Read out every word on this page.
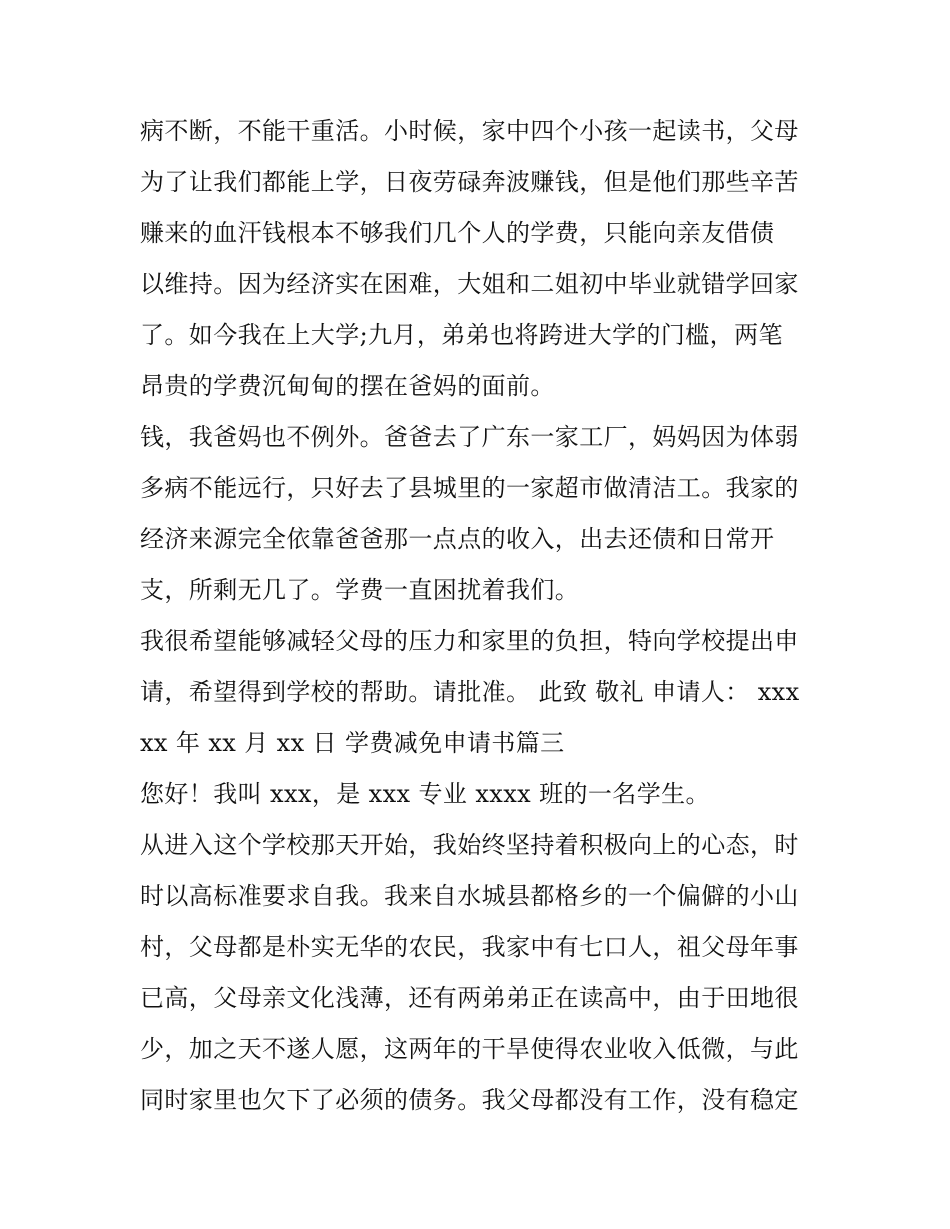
病不断，不能干重活。小时候，家中四个小孩一起读书，父母
为了让我们都能上学，日夜劳碌奔波赚钱，但是他们那些辛苦
赚来的血汗钱根本不够我们几个人的学费，只能向亲友借债
以维持。因为经济实在困难，大姐和二姐初中毕业就错学回家
了。如今我在上大学;九月，弟弟也将跨进大学的门槛，两笔
昂贵的学费沉甸甸的摆在爸妈的面前。
钱，我爸妈也不例外。爸爸去了广东一家工厂，妈妈因为体弱
多病不能远行，只好去了县城里的一家超市做清洁工。我家的
经济来源完全依靠爸爸那一点点的收入，出去还债和日常开
支，所剩无几了。学费一直困扰着我们。
我很希望能够减轻父母的压力和家里的负担，特向学校提出申
请，希望得到学校的帮助。请批准。 此致 敬礼 申请人： xxx
xx 年 xx 月 xx 日 学费减免申请书篇三
您好！我叫 xxx，是 xxx 专业 xxxx 班的一名学生。
从进入这个学校那天开始，我始终坚持着积极向上的心态，时
时以高标准要求自我。我来自水城县都格乡的一个偏僻的小山
村，父母都是朴实无华的农民，我家中有七口人，祖父母年事
已高，父母亲文化浅薄，还有两弟弟正在读高中，由于田地很
少，加之天不遂人愿，这两年的干旱使得农业收入低微，与此
同时家里也欠下了必须的债务。我父母都没有工作，没有稳定
